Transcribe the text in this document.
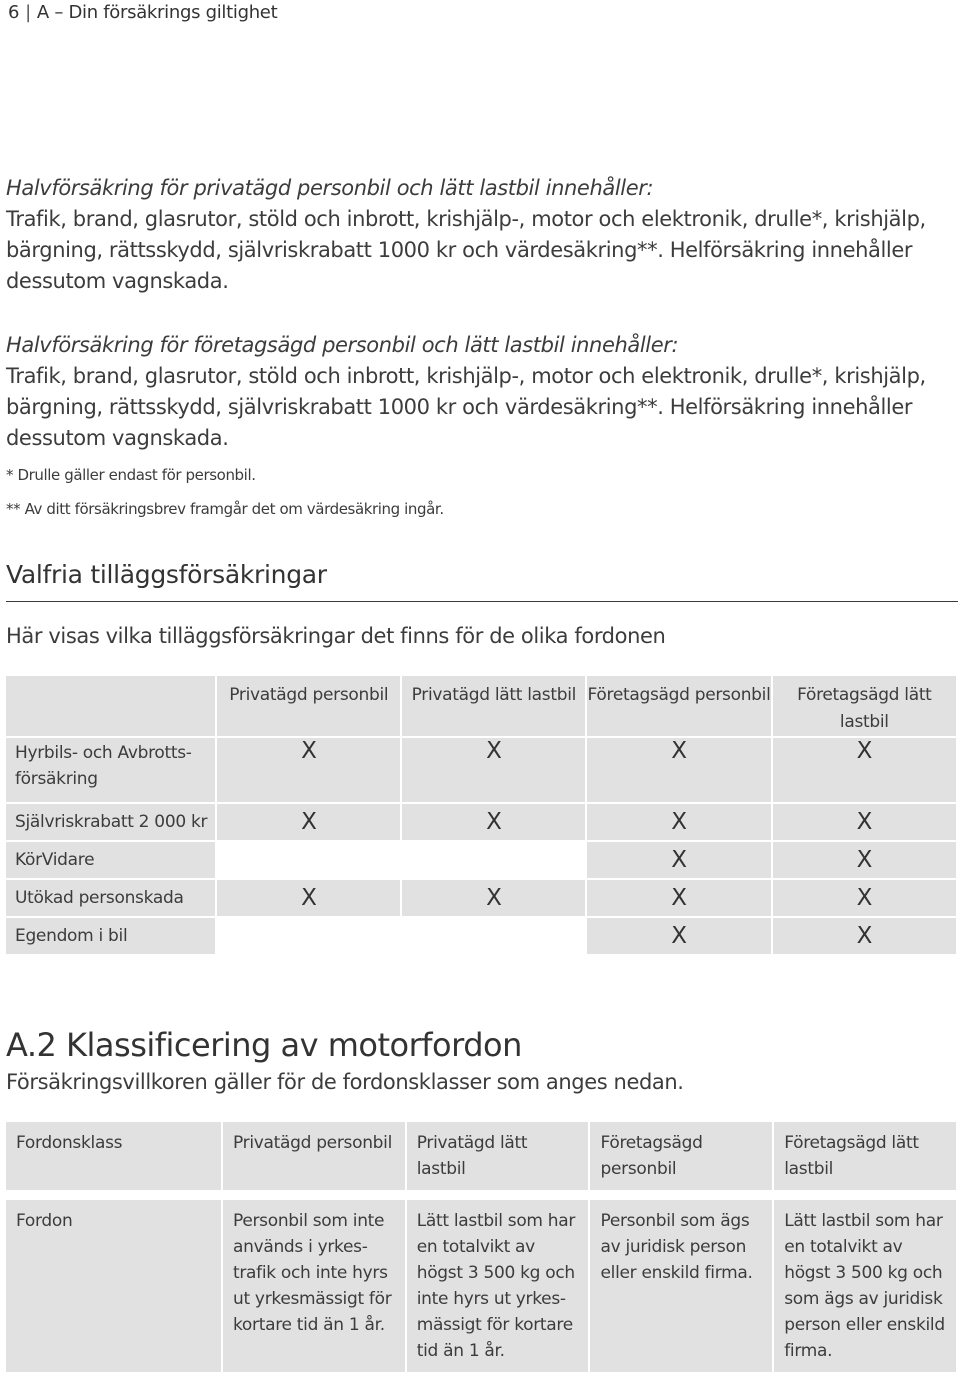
6 | A – Din försäkrings giltighet
Halvförsäkring för privatägd personbil och lätt lastbil innehåller:
Trafik, brand, glasrutor, stöld och inbrott, krishjälp-, motor och elektronik, drulle*, krishjälp, bärgning, rättsskydd, självriskrabatt 1000 kr och värdesäkring**. Helförsäkring innehåller dessutom vagnskada.
Halvförsäkring för företagsägd personbil och lätt lastbil innehåller:
Trafik, brand, glasrutor, stöld och inbrott, krishjälp-, motor och elektronik, drulle*, krishjälp, bärgning, rättsskydd, självriskrabatt 1000 kr och värdesäkring**. Helförsäkring innehåller dessutom vagnskada.
* Drulle gäller endast för personbil.
** Av ditt försäkringsbrev framgår det om värdesäkring ingår.
Valfria tilläggsförsäkringar
Här visas vilka tilläggsförsäkringar det finns för de olika fordonen
	Privatägd personbil	Privatägd lätt lastbil	Företagsägd personbil	Företagsägd lätt lastbil
Hyrbils- och Avbrotts-försäkring	X	X	X	X
Självriskrabatt 2 000 kr	X	X	X	X
KörVidare			X	X
Utökad personskada	X	X	X	X
Egendom i bil			X	X
A.2 Klassificering av motorfordon
Försäkringsvillkoren gäller för de fordonsklasser som anges nedan.
Fordonsklass	Privatägd personbil	Privatägd lätt lastbil	Företagsägd personbil	Företagsägd lätt lastbil

Fordon	Personbil som inte används i yrkes-trafik och inte hyrs ut yrkesmässigt för kortare tid än 1 år.	Lätt lastbil som har en totalvikt av högst 3 500 kg och inte hyrs ut yrkes-mässigt för kortare tid än 1 år.	Personbil som ägs av juridisk person eller enskild firma.	Lätt lastbil som har en totalvikt av högst 3 500 kg och som ägs av juridisk person eller enskild firma.
